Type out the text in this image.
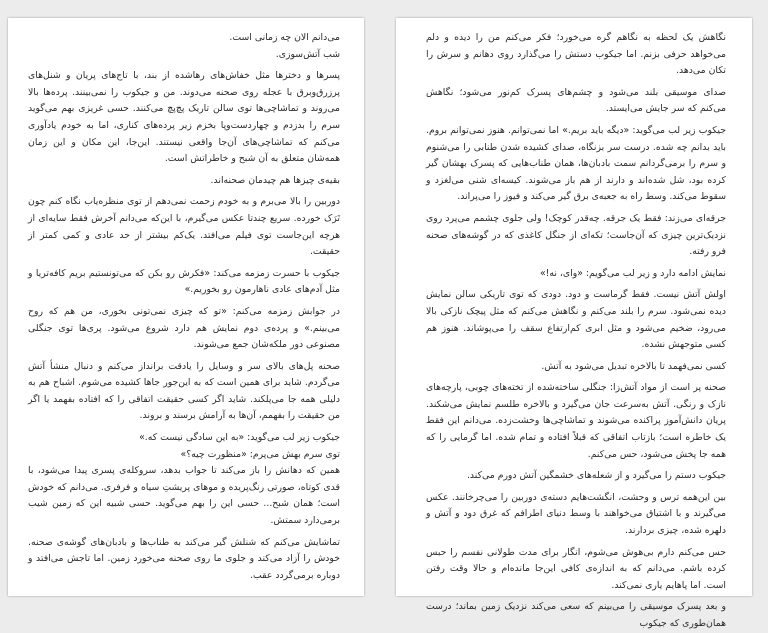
می‌دانم الان چه زمانی است.

شب آتش‌سوزی.

پسرها و دخترها مثل خفاش‌های رهاشده از بند، با تاج‌های پریان و شنل‌های پرزرق‌وبرق با عجله روی صحنه می‌دوند. من و جیکوب را نمی‌بینند. پرده‌ها بالا می‌روند و تماشاچی‌ها توی سالن تاریک پچ‌پچ می‌کنند. حسی غریزی بهم می‌گوید سرم را بدزدم و چهاردست‌وپا بخزم زیر پرده‌های کناری، اما به خودم یادآوری می‌کنم که تماشاچی‌های آن‌جا واقعی نیستند. این‌جا، این مکان و این زمان همه‌شان متعلق به آن شبح و خاطراتش است.

بقیه‌ی چیزها هم چیدمان صحنه‌اند.

دوربین را بالا می‌برم و به خودم زحمت نمی‌دهم از توی منظره‌یاب نگاه کنم چون تَرَک خورده. سریع چندتا عکس می‌گیرم، با این‌که می‌دانم آخرش فقط سایه‌ای از هرچه این‌جاست توی فیلم می‌افتد. یک‌کم بیشتر از حد عادی و کمی کمتر از حقیقت.

جیکوب با حسرت زمزمه می‌کند: «فکرش رو بکن که می‌تونستیم بریم کافه‌تریا و مثل آدم‌های عادی ناهارمون رو بخوریم.»

در جوابش زمزمه می‌کنم: «تو که چیزی نمی‌تونی بخوری، من هم که روح می‌بینم.» و پرده‌ی دوم نمایش هم دارد شروع می‌شود. پری‌ها توی جنگلی مصنوعی دور ملکه‌شان جمع می‌شوند.

صحنه پل‌های بالای سر و وسایل را یادقت برانداز می‌کنم و دنبال منشأ آتش می‌گردم. شاید برای همین است که به این‌جور جاها کشیده می‌شوم. اشباح هم به دلیلی همه جا می‌پلکند. شاید اگر کسی حقیقت اتفاقی را که افتاده بفهمد یا اگر من حقیقت را بفهمم، آن‌ها به آرامش برسند و بروند.

جیکوب زیر لب می‌گوید: «به این سادگی نیست که.»

توی سرم بهش می‌پرم: «منظورت چیه؟»

همین که دهانش را باز می‌کند تا جواب بدهد، سروکله‌ی پسری پیدا می‌شود، با قدی کوتاه، صورتی رنگ‌پریده و موهای پریشتِ سیاه و فرفری. می‌دانم که خودش است؛ همان شبح... حسی این را بهم می‌گوید. حسی شبیه این که زمین شیب برمی‌دارد سمتش.

تماشایش می‌کنم که شنلش گیر می‌کند به طناب‌ها و بادبان‌های گوشه‌ی صحنه. خودش را آزاد می‌کند و جلوی ما روی صحنه می‌خورد زمین. اما تاجش می‌افتد و دوباره برمی‌گردد عقب.

نگاهش یک لحظه به نگاهم گره می‌خورد؛ فکر می‌کنم من را دیده و دلم می‌خواهد حرفی بزنم. اما جیکوب دستش را می‌گذارد روی دهانم و سرش را تکان می‌دهد.

صدای موسیقی بلند می‌شود و چشم‌های پسرک کم‌نور می‌شود؛ نگاهش می‌کنم که سر جایش می‌ایستد.

جیکوب زیر لب می‌گوید: «دیگه باید بریم.» اما نمی‌توانم. هنوز نمی‌توانم بروم. باید بدانم چه شده. درست سر بزنگاه، صدای کشیده شدن طنابی را می‌شنوم و سرم را برمی‌گردانم سمت بادبان‌ها، همان طناب‌هایی که پسرک بهشان گیر کرده بود، شل شده‌اند و دارند از هم باز می‌شوند. کیسه‌ای شنی می‌لغزد و سقوط می‌کند. وسط راه به جعبه‌ی برق گیر می‌کند و فیوز را می‌پراند.

جرقه‌ای می‌زند: فقط یک جرقه. چه‌قدر کوچک! ولی جلوی چشمم می‌پرد روی نزدیک‌ترین چیزی که آن‌جاست؛ تکه‌ای از جنگل کاغذی که در گوشه‌های صحنه فرو رفته.

نمایش ادامه دارد و زیر لب می‌گویم: «وای، نه!»

اولش آتش نیست. فقط گرماست و دود. دودی که توی تاریکی سالن نمایش دیده نمی‌شود. سرم را بلند می‌کنم و نگاهش می‌کنم که مثل پیچک نازکی بالا می‌رود، ضخیم می‌شود و مثل ابری کم‌ارتفاع سقف را می‌پوشاند. هنوز هم کسی متوجهش نشده.

کسی نمی‌فهمد تا بالاخره تبدیل می‌شود به آتش.

صحنه پر است از مواد آتش‌زا: جنگلی ساخته‌شده از تخته‌های چوبی، پارچه‌های نازک و رنگی. آتش به‌سرعت جان می‌گیرد و بالاخره طلسم نمایش می‌شکند. پریان دانش‌آموز پراکنده می‌شوند و تماشاچی‌ها وحشت‌زده. می‌دانم این فقط یک خاطره است؛ بازتاب اتفاقی که قبلاً افتاده و تمام شده. اما گرمایی را که همه جا پخش می‌شود، حس می‌کنم.

جیکوب دستم را می‌گیرد و از شعله‌های خشمگین آتش دورم می‌کند.

بین این‌همه ترس و وحشت، انگشت‌هایم دسته‌ی دوربین را می‌چرخانند. عکس می‌گیرند و با اشتیاق می‌خواهند با وسط دنیای اطرافم که غرق دود و آتش و دلهره شده، چیزی بردارند.

حس می‌کنم دارم بی‌هوش می‌شوم، انگار برای مدت طولانی نفسم را حبس کرده باشم. می‌دانم که به اندازه‌ی کافی این‌جا مانده‌ام و حالا وقت رفتن است. اما پاهایم یاری نمی‌کند.

و بعد پسرک موسیقی را می‌بینم که سعی می‌کند نزدیک زمین بماند؛ درست همان‌طوری که جیکوب
